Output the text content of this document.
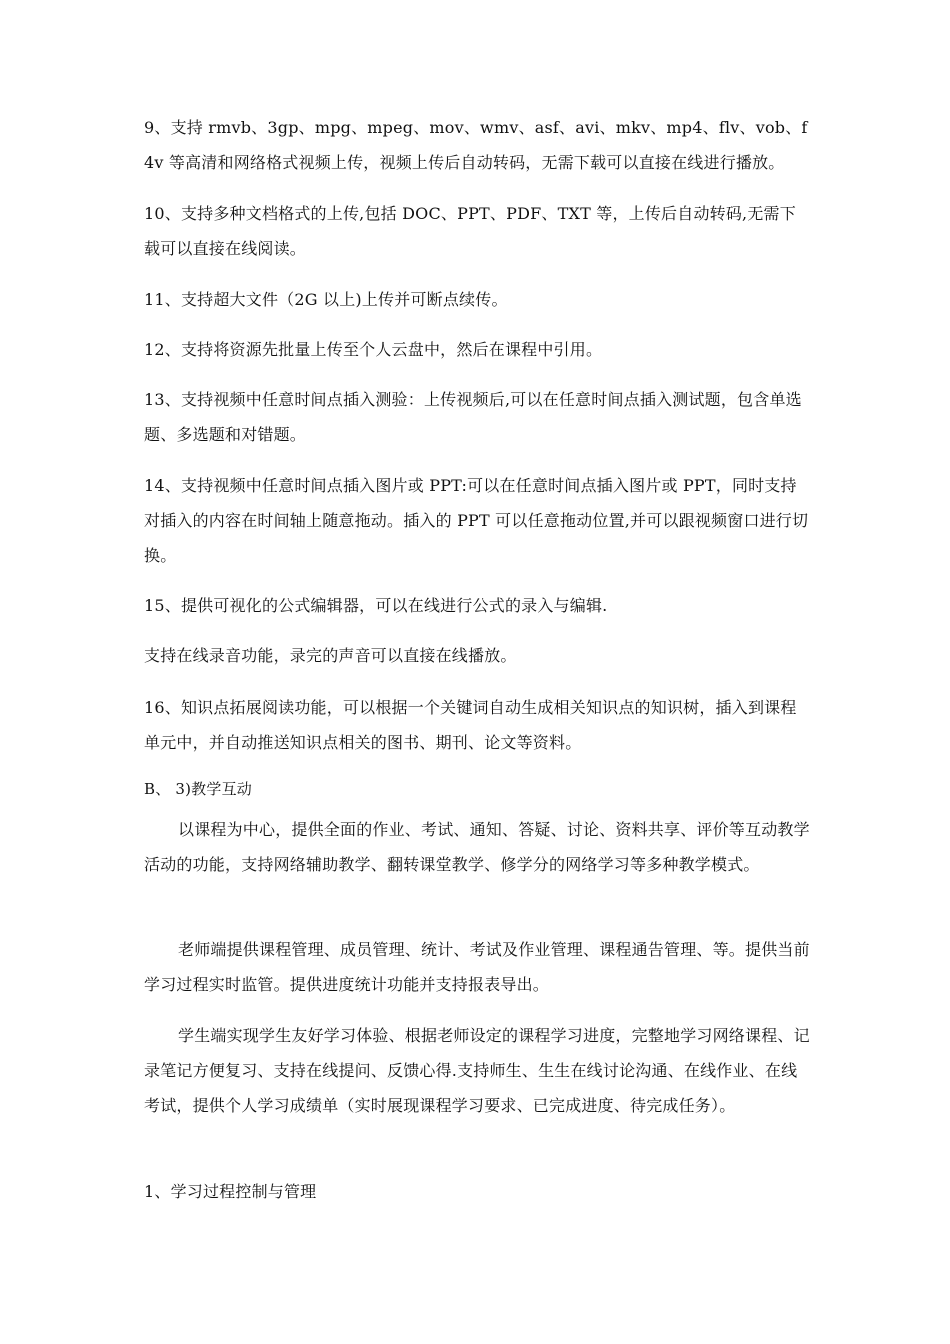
9、支持 rmvb、3gp、mpg、mpeg、mov、wmv、asf、avi、mkv、mp4、flv、vob、f4v 等高清和网络格式视频上传，视频上传后自动转码，无需下载可以直接在线进行播放。

10、支持多种文档格式的上传,包括 DOC、PPT、PDF、TXT 等，上传后自动转码,无需下载可以直接在线阅读。

11、支持超大文件（2G 以上)上传并可断点续传。

12、支持将资源先批量上传至个人云盘中，然后在课程中引用。

13、支持视频中任意时间点插入测验：上传视频后,可以在任意时间点插入测试题，包含单选题、多选题和对错题。

14、支持视频中任意时间点插入图片或 PPT:可以在任意时间点插入图片或 PPT，同时支持对插入的内容在时间轴上随意拖动。插入的 PPT 可以任意拖动位置,并可以跟视频窗口进行切换。

15、提供可视化的公式编辑器，可以在线进行公式的录入与编辑.

支持在线录音功能，录完的声音可以直接在线播放。

16、知识点拓展阅读功能，可以根据一个关键词自动生成相关知识点的知识树，插入到课程单元中，并自动推送知识点相关的图书、期刊、论文等资料。

B、 3)教学互动

以课程为中心，提供全面的作业、考试、通知、答疑、讨论、资料共享、评价等互动教学活动的功能，支持网络辅助教学、翻转课堂教学、修学分的网络学习等多种教学模式。

老师端提供课程管理、成员管理、统计、考试及作业管理、课程通告管理、等。提供当前学习过程实时监管。提供进度统计功能并支持报表导出。

学生端实现学生友好学习体验、根据老师设定的课程学习进度，完整地学习网络课程、记录笔记方便复习、支持在线提问、反馈心得.支持师生、生生在线讨论沟通、在线作业、在线考试，提供个人学习成绩单（实时展现课程学习要求、已完成进度、待完成任务）。

1、学习过程控制与管理
